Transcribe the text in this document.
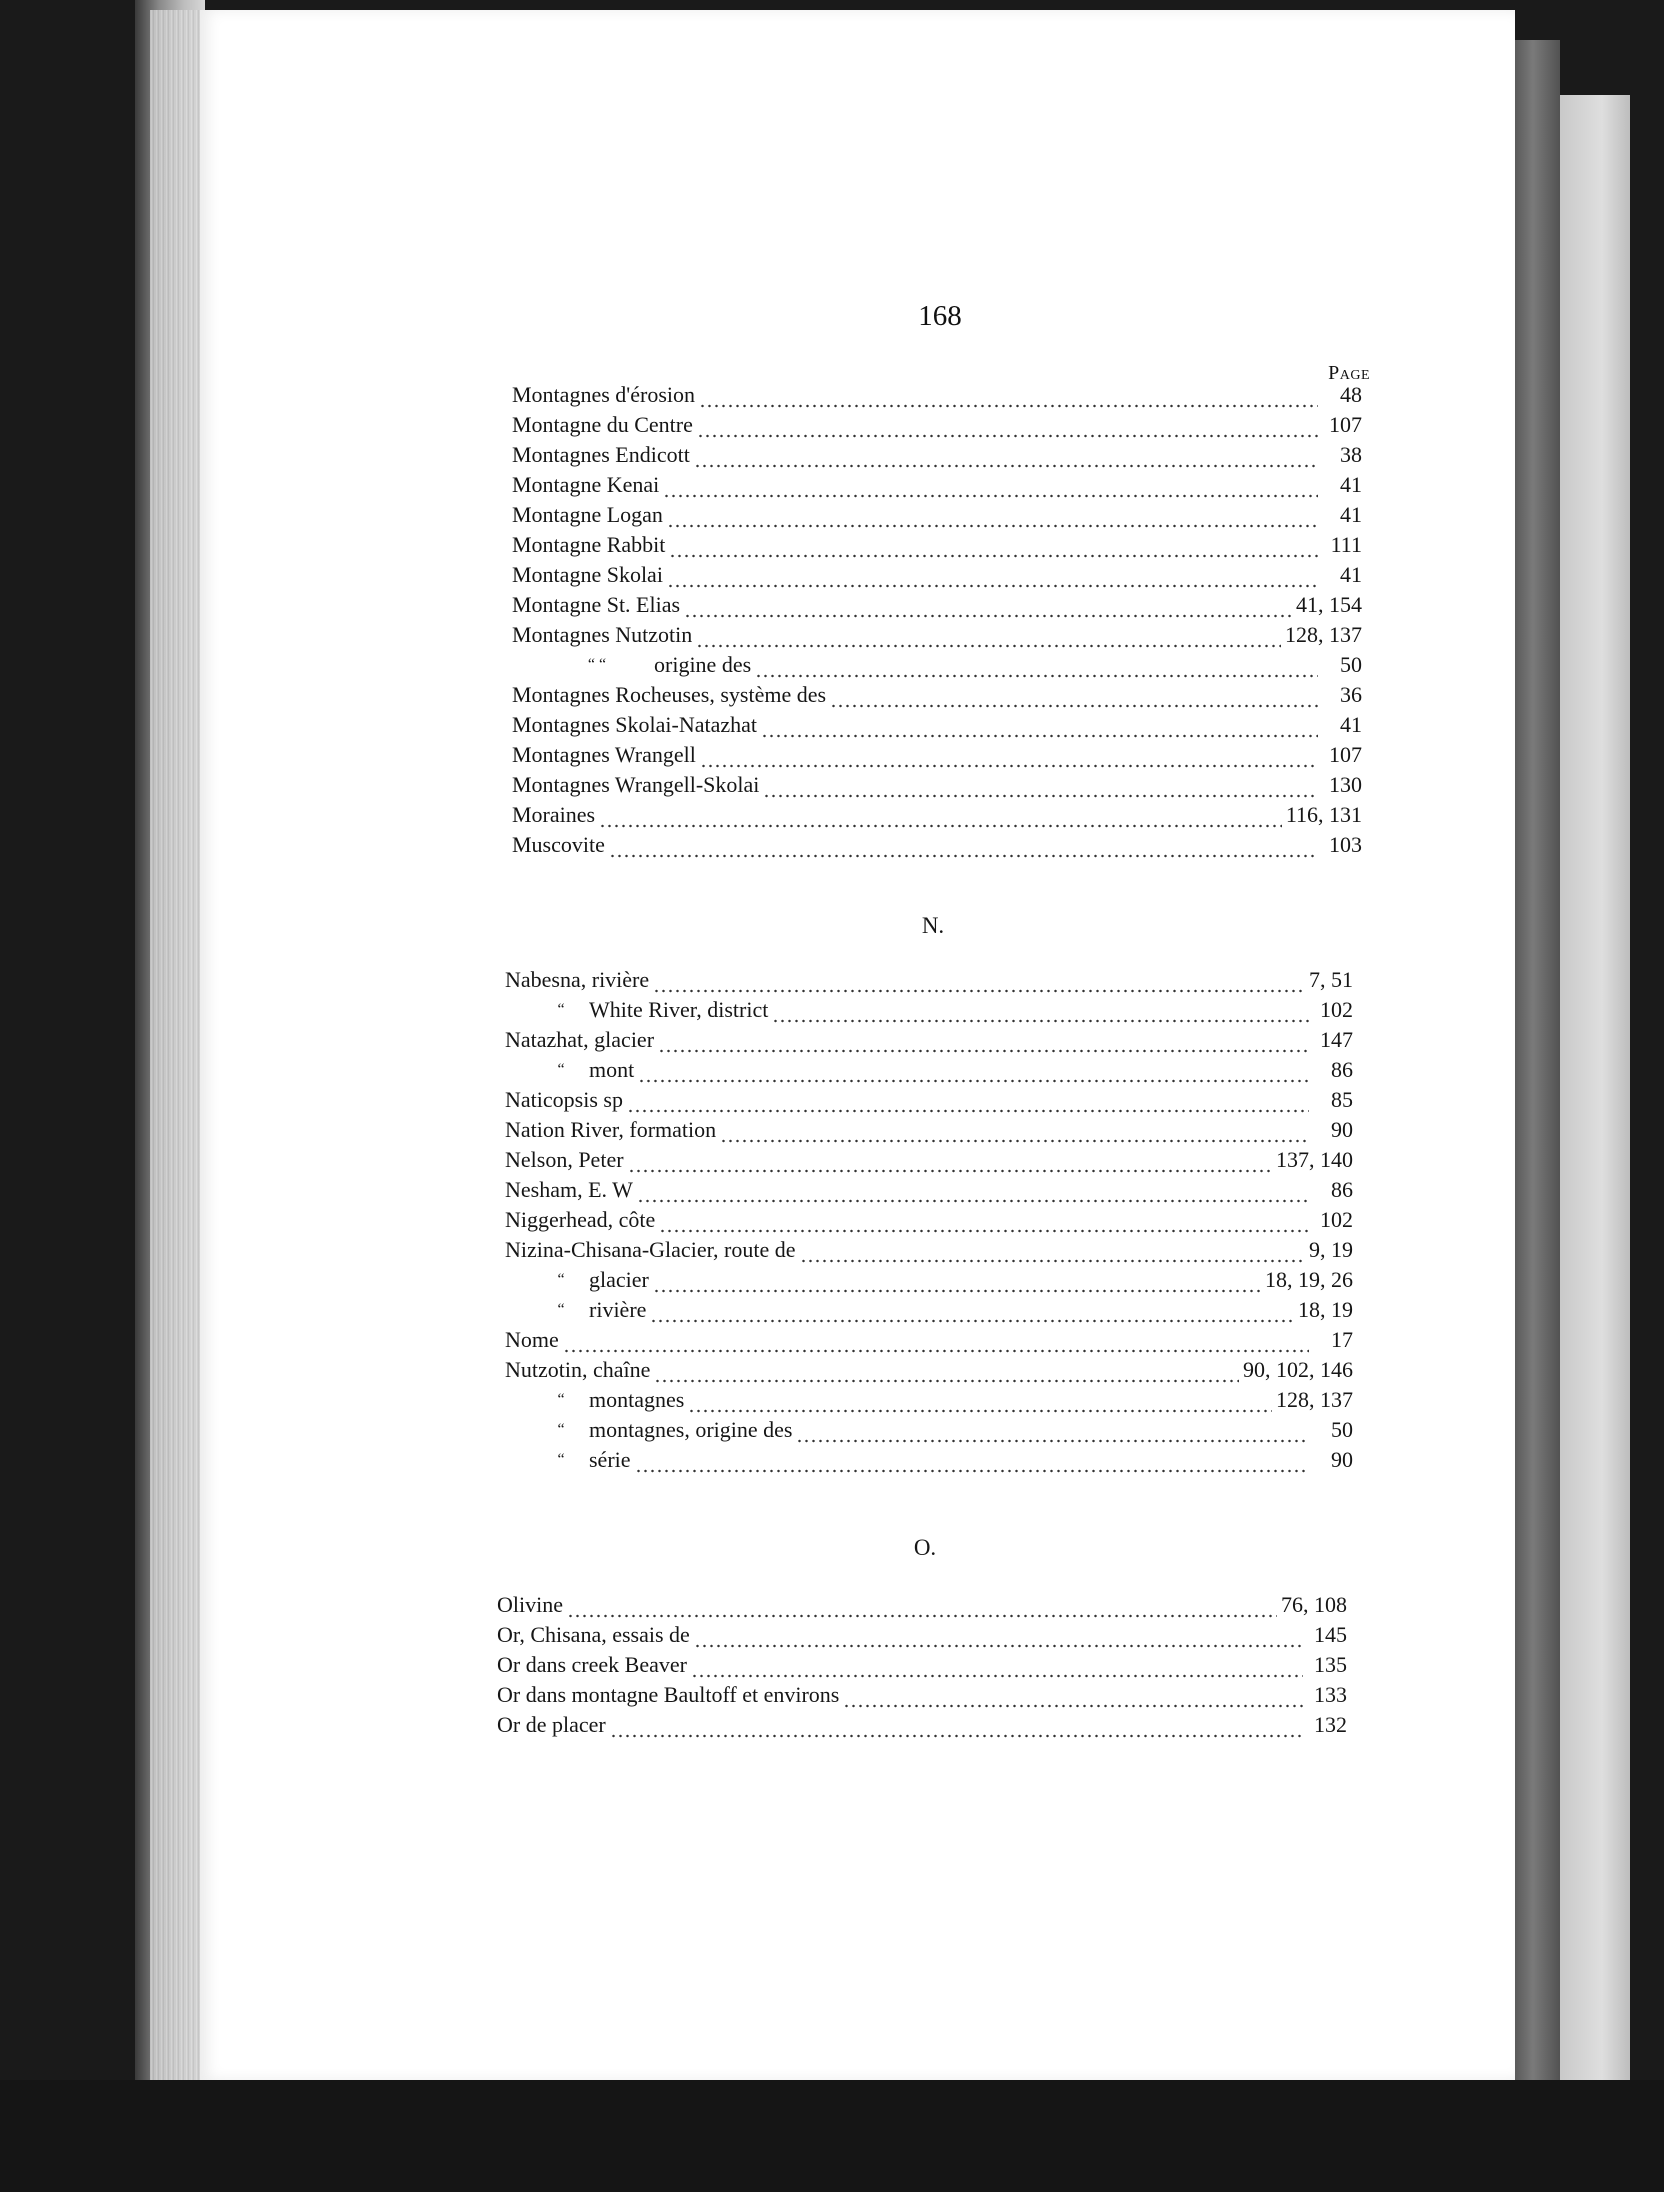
168
Page
Montagnes d'érosion	48
Montagne du Centre	107
Montagnes Endicott	38
Montagne Kenai	41
Montagne Logan	41
Montagne Rabbit	111
Montagne Skolai	41
Montagne St. Elias	41, 154
Montagnes Nutzotin	128, 137
“ “	origine des	50
Montagnes Rocheuses, système des	36
Montagnes Skolai-Natazhat	41
Montagnes Wrangell	107
Montagnes Wrangell-Skolai	130
Moraines	116, 131
Muscovite	103
N.
Nabesna, rivière	7, 51
“	White River, district	102
Natazhat, glacier	147
“	mont	86
Naticopsis sp	85
Nation River, formation	90
Nelson, Peter	137, 140
Nesham, E. W	86
Niggerhead, côte	102
Nizina-Chisana-Glacier, route de	9, 19
“	glacier	18, 19, 26
“	rivière	18, 19
Nome	17
Nutzotin, chaîne	90, 102, 146
“	montagnes	128, 137
“	montagnes, origine des	50
“	série	90
O.
Olivine	76, 108
Or, Chisana, essais de	145
Or dans creek Beaver	135
Or dans montagne Baultoff et environs	133
Or de placer	132
